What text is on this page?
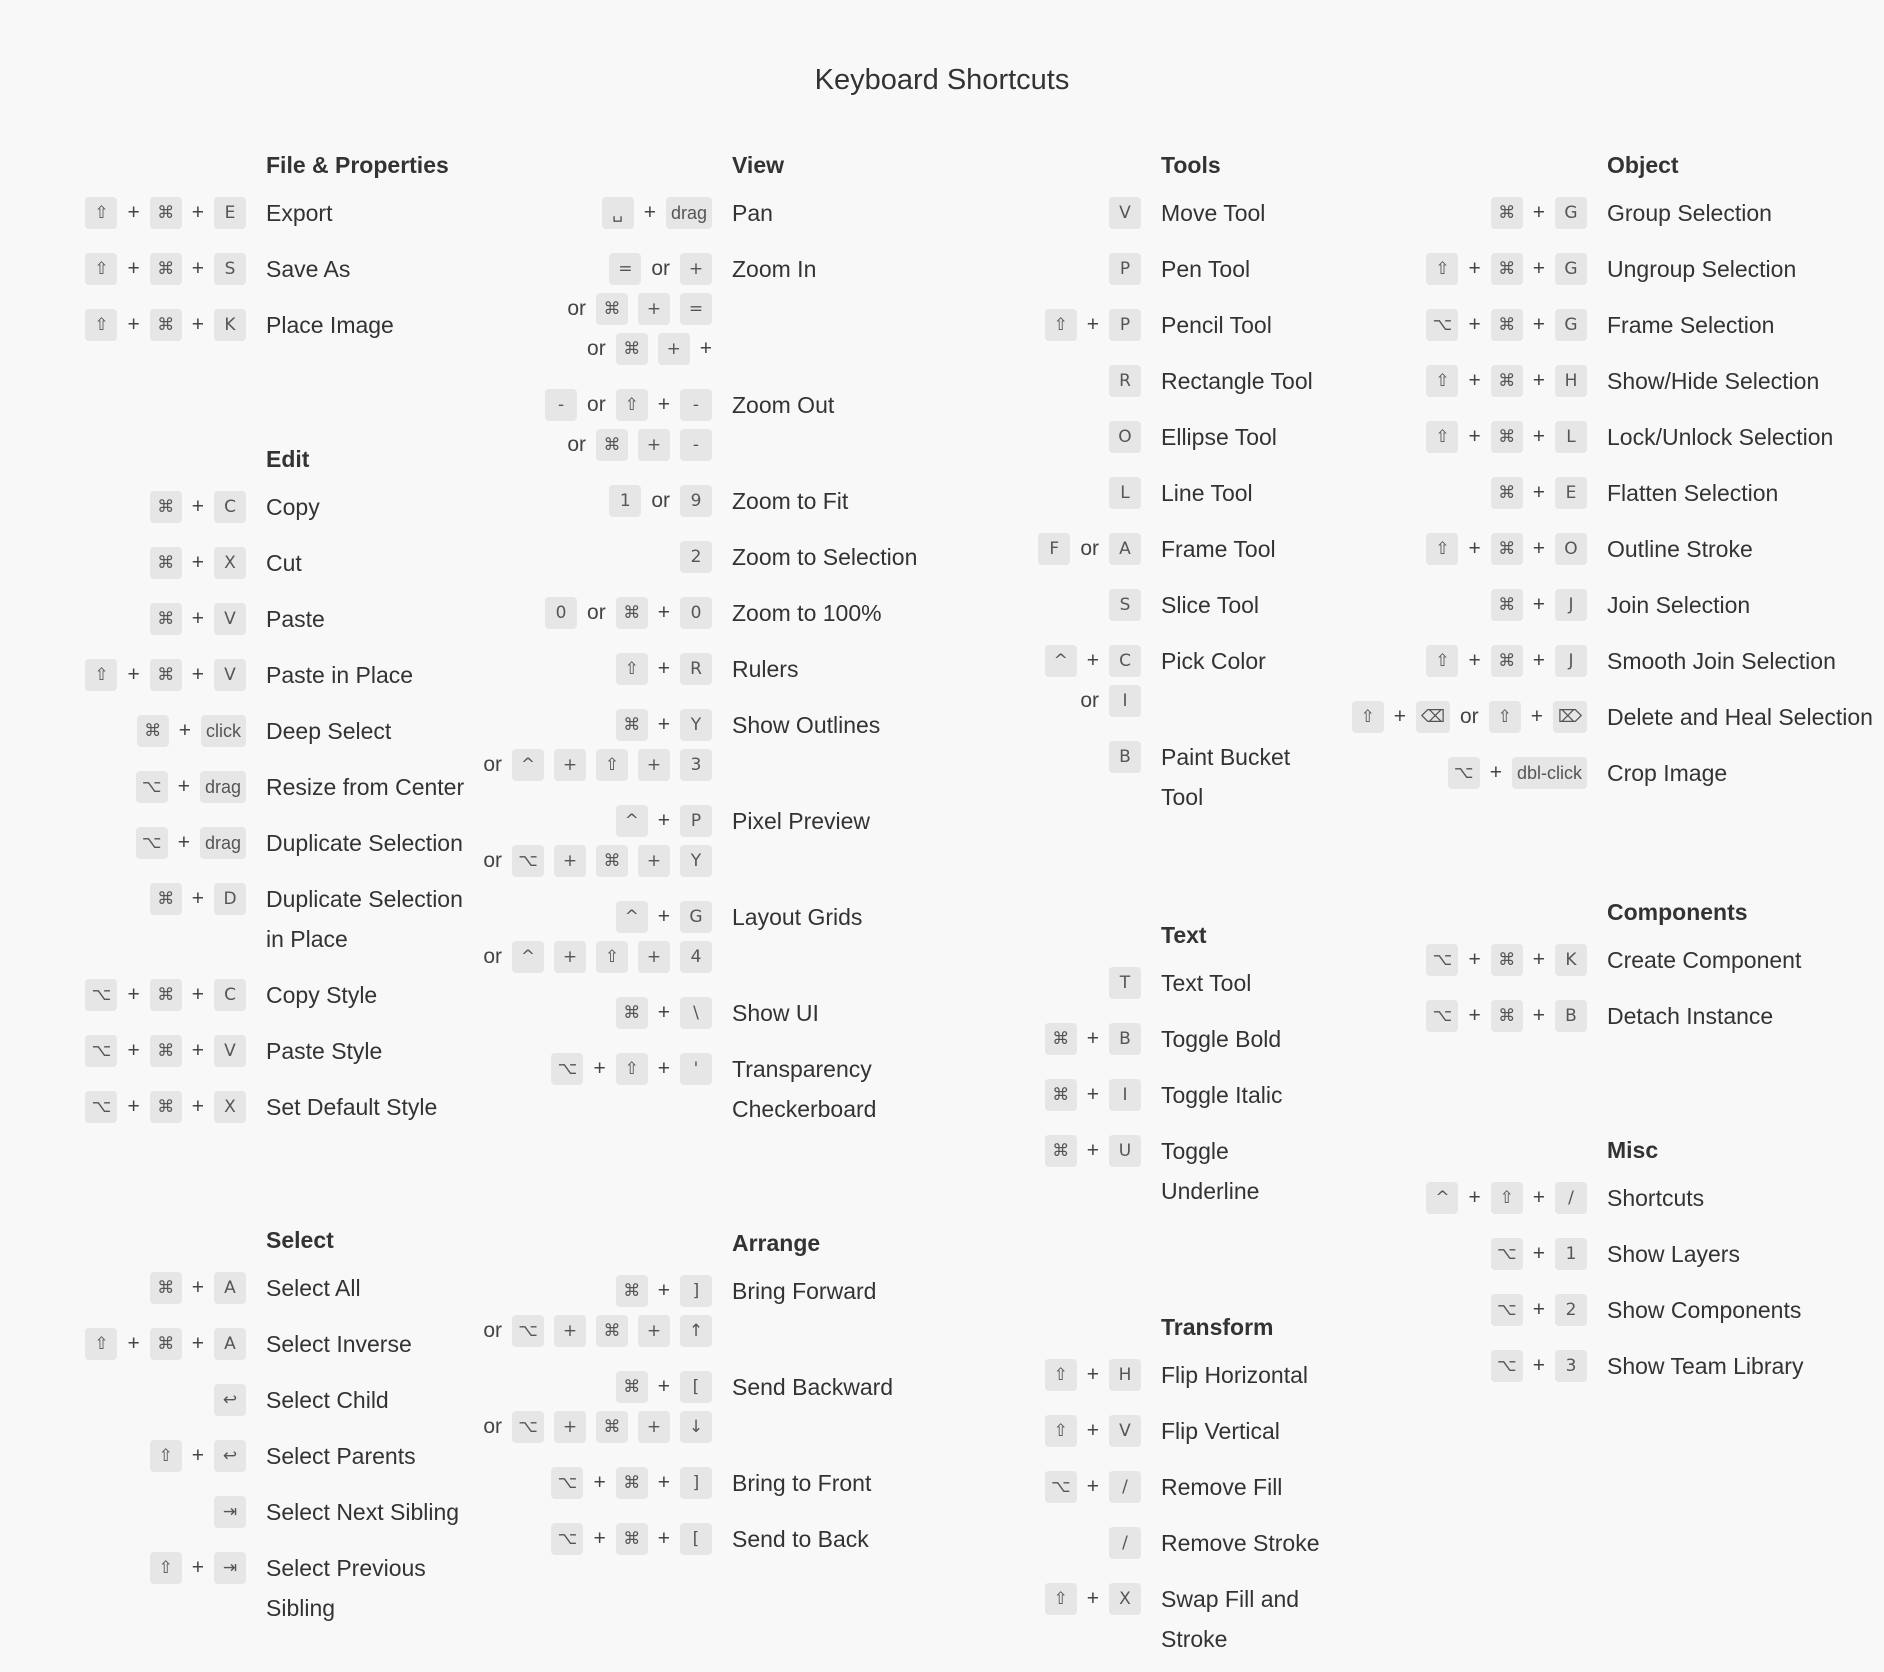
Keyboard Shortcuts
File & Properties
⇧ +	⌘ +	E	Export
⇧ +	⌘ +	S	Save As
⇧ +	⌘ +	K	Place Image
Edit
⌘ +	C	Copy
⌘ +	X	Cut
⌘ +	V	Paste
⇧ +	⌘ +	V	Paste in Place
⌘ + click Deep Select
⌥ + drag Resize from Center
⌥ + drag Duplicate Selection
⌘ +	D	Duplicate Selection
in Place
⌥ +	⌘ +	C	Copy Style
⌥ +	⌘ +	V	Paste Style
⌥ +	⌘ +	X	Set Default Style
Select
⌘ +	A	Select All
⇧ +	⌘ +	A	Select Inverse
↩	Select Child
⇧ +	↩	Select Parents
⇥	Select Next Sibling
⇧ +	⇥	Select Previous
Sibling
View
␣ + drag Pan
= or	+
or	⌘	+	=
or	⌘	+ +
Zoom In
-	or	⇧ +	-
or	⌘	+	-
Zoom Out
1 or	9	Zoom to Fit
2	Zoom to Selection
0 or	⌘ +	0	Zoom to 100%
⇧ +	R	Rulers
⌘ +	Y
or	^	+	⇧	+	3
Show Outlines
^ +	P
or ⌥	+	⌘	+	Y
Pixel Preview
^ +	G
or	^	+	⇧	+	4
Layout Grids
⌘ +	\	Show UI
⌥ +	⇧ +	'	Transparency
Checkerboard
Arrange
⌘ +	]
or ⌥	+	⌘	+	↑
Bring Forward
⌘ +	[
or ⌥	+	⌘	+	↓
Send Backward
⌥ +	⌘ +	]	Bring to Front
⌥ +	⌘ +	[	Send to Back
Tools
V	Move Tool
P	Pen Tool
⇧ +	P	Pencil Tool
R	Rectangle Tool
O	Ellipse Tool
L	Line Tool
F	or	A	Frame Tool
S	Slice Tool
^ +	C
or	I
Pick Color
B	Paint Bucket
Tool
Text
T	Text Tool
⌘ +	B	Toggle Bold
⌘ +	I	Toggle Italic
⌘ +	U	Toggle
Underline
Transform
⇧ +	H	Flip Horizontal
⇧ +	V	Flip Vertical
⌥ +	/	Remove Fill
/	Remove Stroke
⇧ +	X	Swap Fill and
Stroke
Object
⌘ +	G	Group Selection
⇧ +	⌘ +	G	Ungroup Selection
⌥ +	⌘ +	G	Frame Selection
⇧ +	⌘ +	H	Show/Hide Selection
⇧ +	⌘ +	L	Lock/Unlock Selection
⌘ +	E	Flatten Selection
⇧ +	⌘ +	O	Outline Stroke
⌘ +	J	Join Selection
⇧ +	⌘ +	J	Smooth Join Selection
⇧ + ⌫ or	⇧ + ⌦ Delete and Heal Selection
⌥ + dbl-click Crop Image
Components
⌥ +	⌘ +	K	Create Component
⌥ +	⌘ +	B	Detach Instance
Misc
^ +	⇧ +	/	Shortcuts
⌥ +	1	Show Layers
⌥ +	2	Show Components
⌥ +	3	Show Team Library
